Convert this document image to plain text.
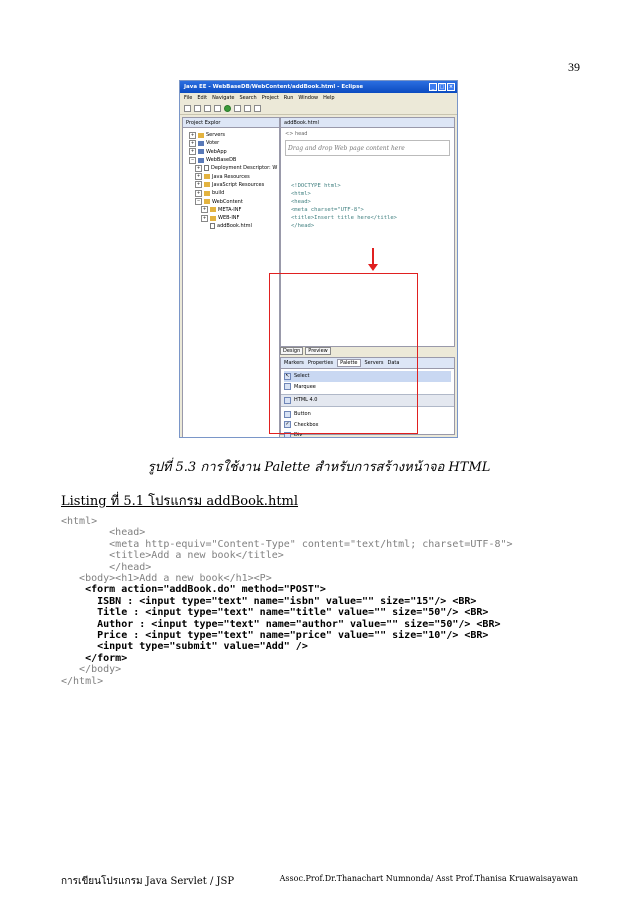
39
Java EE - WebBaseDB/WebContent/addBook.html - Eclipse	_	□ ×
File Edit Navigate Search Project Run Window Help
Project Explor
+	Servers
+	Voter
+	WebApp
−	WebBaseDB
+	Deployment Descriptor: W
+	Java Resources
+	JavaScript Resources
+	build
−	WebContent
+	META-INF
+	WEB-INF
addBook.html
addBook.html
<> head
Drag and drop Web page content here
<!DOCTYPE html>
<html>
<head>
<meta charset="UTF-8">
<title>Insert title here</title>
</head>
Design	Preview
Markers Properties	Palette	Servers Data
↖ Select
Marquee
HTML 4.0
Button
✓ Checkbox
Div
รูปที่ 5.3 การใช้งาน Palette สำหรับการสร้างหน้าจอ HTML
Listing ที่ 5.1 โปรแกรม addBook.html
<html>
<head>
<meta http-equiv="Content-Type" content="text/html; charset=UTF-8">
<title>Add a new book</title>
</head>
<body><h1>Add a new book</h1><P>
<form action="addBook.do" method="POST">
ISBN : <input type="text" name="isbn" value="" size="15"/> <BR>
Title : <input type="text" name="title" value="" size="50"/> <BR>
Author : <input type="text" name="author" value="" size="50"/> <BR>
Price : <input type="text" name="price" value="" size="10"/> <BR>
<input type="submit" value="Add" />
</form>
</body>
</html>
การเขียนโปรแกรม Java Servlet / JSP	Assoc.Prof.Dr.Thanachart Numnonda/ Asst Prof.Thanisa Kruawaisayawan
